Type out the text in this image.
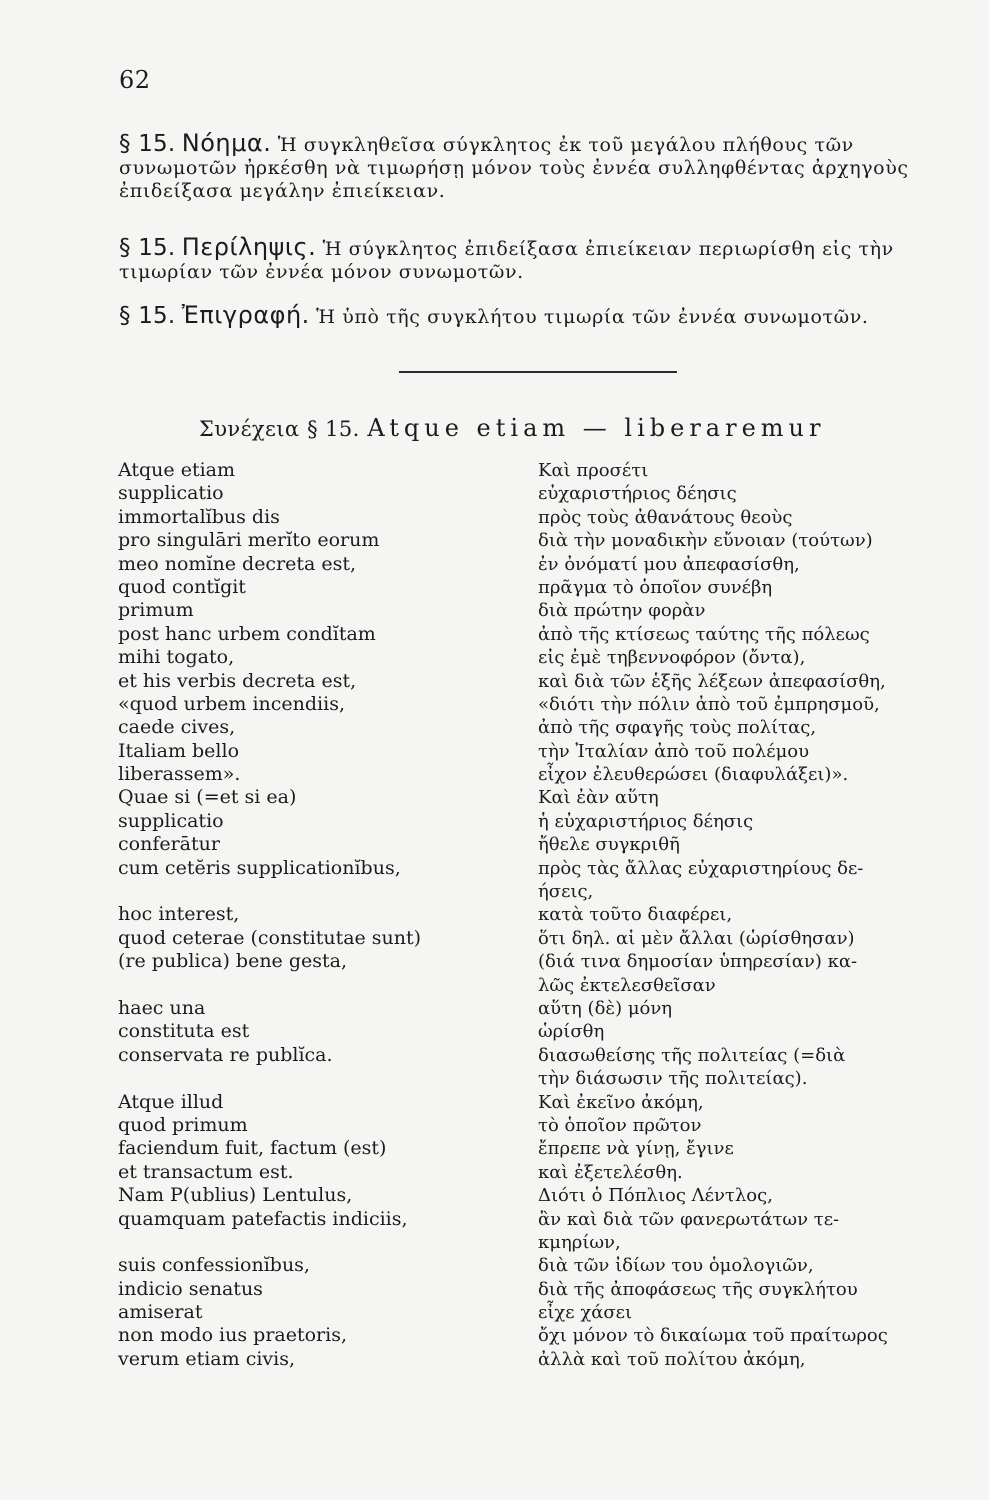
62
§ 15. Νόημα. Ἡ συγκληθεῖσα σύγκλητος ἐκ τοῦ μεγάλου πλήθους τῶν
συνωμοτῶν ἠρκέσθη νὰ τιμωρήσῃ μόνον τοὺς ἐννέα συλληφθέντας ἀρχηγοὺς
ἐπιδείξασα μεγάλην ἐπιείκειαν.
§ 15. Περίληψις. Ἡ σύγκλητος ἐπιδείξασα ἐπιείκειαν περιωρίσθη εἰς τὴν
τιμωρίαν τῶν ἐννέα μόνον συνωμοτῶν.
§ 15. Ἐπιγραφή. Ἡ ὑπὸ τῆς συγκλήτου τιμωρία τῶν ἐννέα συνωμοτῶν.
Συνέχεια § 15. Atque etiam — liberaremur
Atque etiam
supplicatio
immortalĭbus dis
pro singulāri merĭto eorum
meo nomĭne decreta est,
quod contĭgit
primum
post hanc urbem condĭtam
mihi togato,
et his verbis decreta est,
«quod urbem incendiis,
caede cives,
Italiam bello
liberassem».
Quae si (=et si ea)
supplicatio
conferātur
cum cetĕris supplicationĭbus,
hoc interest,
quod ceterae (constitutae sunt)
(re publica) bene gesta,
haec una
constituta est
conservata re publĭca.
Atque illud
quod primum
faciendum fuit, factum (est)
et transactum est.
Nam P(ublius) Lentulus,
quamquam patefactis indiciis,
suis confessionĭbus,
indicio senatus
amiserat
non modo ius praetoris,
verum etiam civis,
Καὶ προσέτι
εὐχαριστήριος δέησις
πρὸς τοὺς ἀθανάτους θεοὺς
διὰ τὴν μοναδικὴν εὔνοιαν (τούτων)
ἐν ὀνόματί μου ἀπεφασίσθη,
πρᾶγμα τὸ ὁποῖον συνέβη
διὰ πρώτην φορὰν
ἀπὸ τῆς κτίσεως ταύτης τῆς πόλεως
εἰς ἐμὲ τηβεννοφόρον (ὄντα),
καὶ διὰ τῶν ἑξῆς λέξεων ἀπεφασίσθη,
«διότι τὴν πόλιν ἀπὸ τοῦ ἐμπρησμοῦ,
ἀπὸ τῆς σφαγῆς τοὺς πολίτας,
τὴν Ἰταλίαν ἀπὸ τοῦ πολέμου
εἶχον ἐλευθερώσει (διαφυλάξει)».
Καὶ ἐὰν αὕτη
ἡ εὐχαριστήριος δέησις
ἤθελε συγκριθῆ
πρὸς τὰς ἄλλας εὐχαριστηρίους δε-
ήσεις,
κατὰ τοῦτο διαφέρει,
ὅτι δηλ. αἱ μὲν ἄλλαι (ὡρίσθησαν)
(διά τινα δημοσίαν ὑπηρεσίαν) κα-
λῶς ἐκτελεσθεῖσαν
αὕτη (δὲ) μόνη
ὡρίσθη
διασωθείσης τῆς πολιτείας (=διὰ
τὴν διάσωσιν τῆς πολιτείας).
Καὶ ἐκεῖνο ἀκόμη,
τὸ ὁποῖον πρῶτον
ἔπρεπε νὰ γίνῃ, ἔγινε
καὶ ἐξετελέσθη.
Διότι ὁ Πόπλιος Λέντλος,
ἂν καὶ διὰ τῶν φανερωτάτων τε-
κμηρίων,
διὰ τῶν ἰδίων του ὁμολογιῶν,
διὰ τῆς ἀποφάσεως τῆς συγκλήτου
εἶχε χάσει
ὄχι μόνον τὸ δικαίωμα τοῦ πραίτωρος
ἀλλὰ καὶ τοῦ πολίτου ἀκόμη,
